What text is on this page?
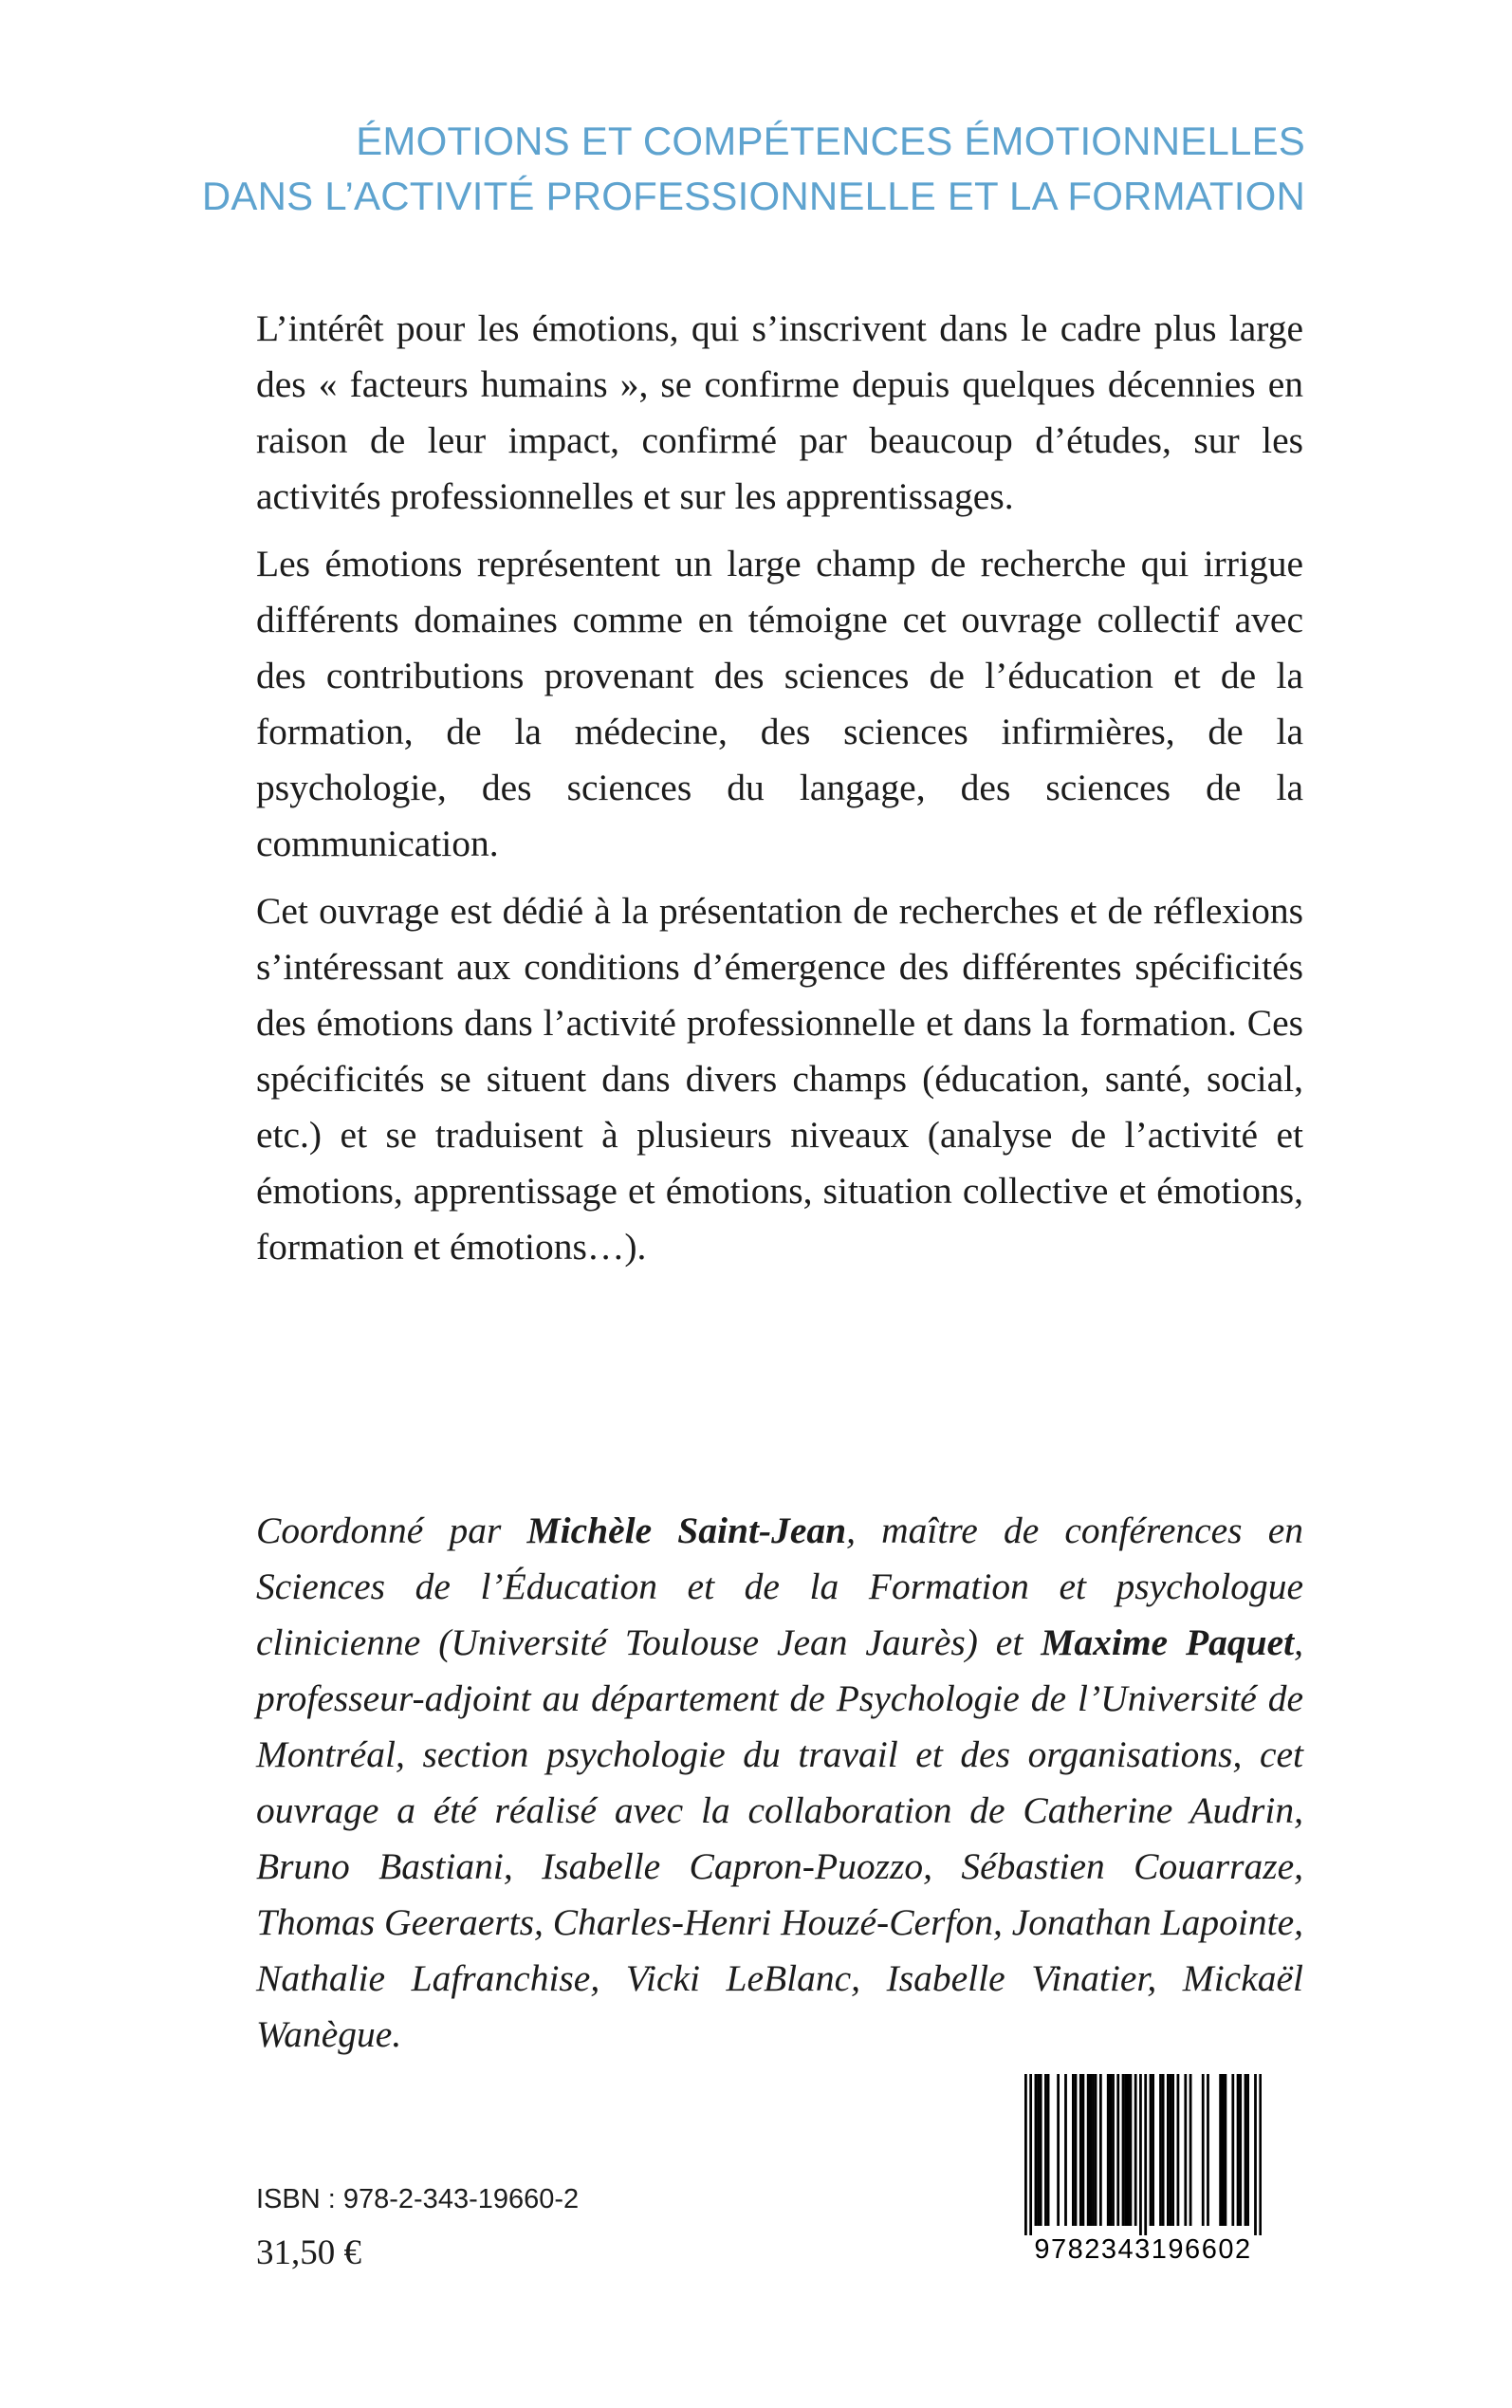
ÉMOTIONS ET COMPÉTENCES ÉMOTIONNELLES
DANS L’ACTIVITÉ PROFESSIONNELLE ET LA FORMATION

L’intérêt pour les émotions, qui s’inscrivent dans le cadre plus large des « facteurs humains », se confirme depuis quelques décennies en raison de leur impact, confirmé par beaucoup d’études, sur les activités professionnelles et sur les apprentissages.

Les émotions représentent un large champ de recherche qui irrigue différents domaines comme en témoigne cet ouvrage collectif avec des contributions provenant des sciences de l’éducation et de la formation, de la médecine, des sciences infirmières, de la psychologie, des sciences du langage, des sciences de la communication.

Cet ouvrage est dédié à la présentation de recherches et de réflexions s’intéressant aux conditions d’émergence des différentes spécificités des émotions dans l’activité professionnelle et dans la formation. Ces spécificités se situent dans divers champs (éducation, santé, social, etc.) et se traduisent à plusieurs niveaux (analyse de l’activité et émotions, apprentissage et émotions, situation collective et émotions, formation et émotions…).

Coordonné par Michèle Saint-Jean, maître de conférences en Sciences de l’Éducation et de la Formation et psychologue clinicienne (Université Toulouse Jean Jaurès) et Maxime Paquet, professeur-adjoint au département de Psychologie de l’Université de Montréal, section psychologie du travail et des organisations, cet ouvrage a été réalisé avec la collaboration de Catherine Audrin, Bruno Bastiani, Isabelle Capron-Puozzo, Sébastien Couarraze, Thomas Geeraerts, Charles-Henri Houzé-Cerfon, Jonathan Lapointe, Nathalie Lafranchise, Vicki LeBlanc, Isabelle Vinatier, Mickaël Wanègue.
ISBN : 978-2-343-19660-2
31,50 €	9782343196602
